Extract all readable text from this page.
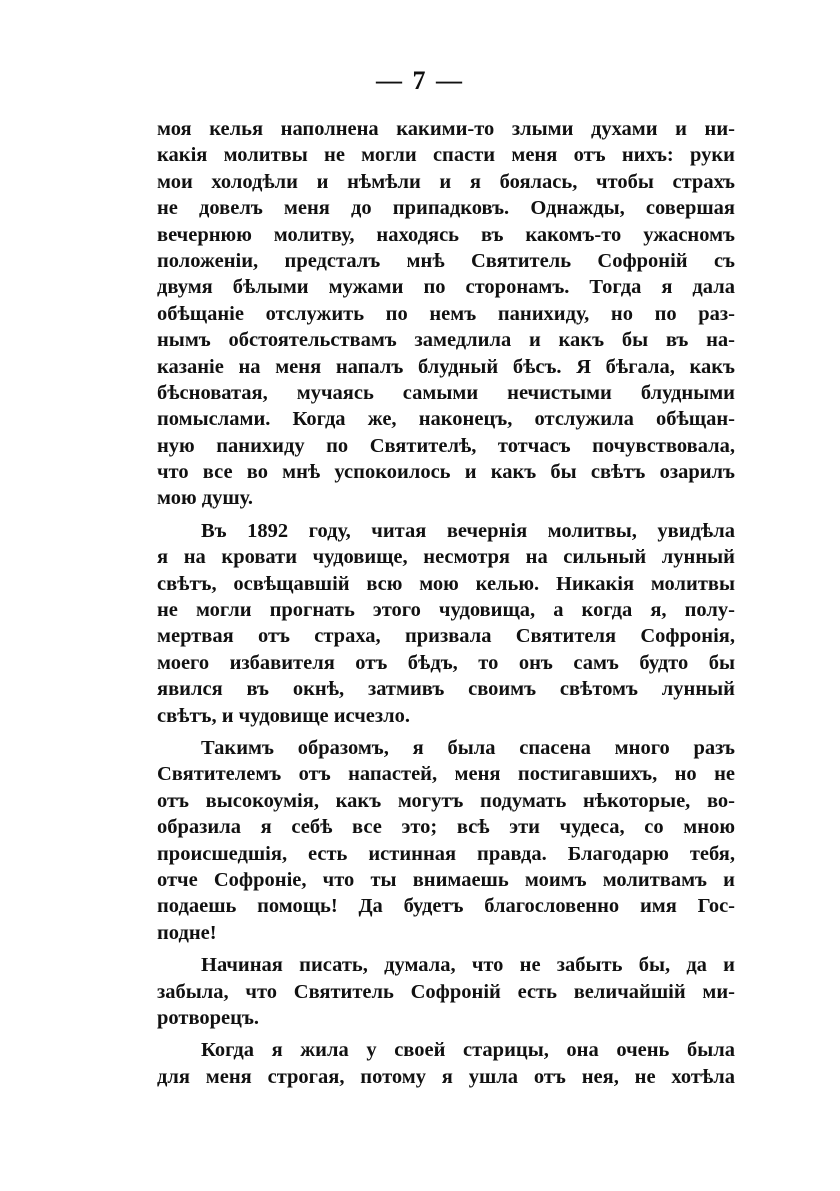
— 7 —
моя келья наполнена какими-то злыми духами и ни-
какія молитвы не могли спасти меня отъ нихъ: руки
мои холодѣли и нѣмѣли и я боялась, чтобы страхъ
не довелъ меня до припадковъ. Однажды, совершая
вечернюю молитву, находясь въ какомъ-то ужасномъ
положеніи, предсталъ мнѣ Святитель Софроній съ
двумя бѣлыми мужами по сторонамъ. Тогда я дала
обѣщаніе отслужить по немъ панихиду, но по раз-
нымъ обстоятельствамъ замедлила и какъ бы въ на-
казаніе на меня напалъ блудный бѣсъ. Я бѣгала, какъ
бѣсноватая, мучаясь самыми нечистыми блудными
помыслами. Когда же, наконецъ, отслужила обѣщан-
ную панихиду по Святителѣ, тотчасъ почувствовала,
что все во мнѣ успокоилось и какъ бы свѣтъ озарилъ
мою душу.
Въ 1892 году, читая вечернія молитвы, увидѣла
я на кровати чудовище, несмотря на сильный лунный
свѣтъ, освѣщавшій всю мою келью. Никакія молитвы
не могли прогнать этого чудовища, а когда я, полу-
мертвая отъ страха, призвала Святителя Софронія,
моего избавителя отъ бѣдъ, то онъ самъ будто бы
явился въ окнѣ, затмивъ своимъ свѣтомъ лунный
свѣтъ, и чудовище исчезло.
Такимъ образомъ, я была спасена много разъ
Святителемъ отъ напастей, меня постигавшихъ, но не
отъ высокоумія, какъ могутъ подумать нѣкоторые, во-
образила я себѣ все это; всѣ эти чудеса, со мною
происшедшія, есть истинная правда. Благодарю тебя,
отче Софроніе, что ты внимаешь моимъ молитвамъ и
подаешь помощь! Да будетъ благословенно имя Гос-
подне!
Начиная писать, думала, что не забыть бы, да и
забыла, что Святитель Софроній есть величайшій ми-
ротворецъ.
Когда я жила у своей старицы, она очень была
для меня строгая, потому я ушла отъ нея, не хотѣла
